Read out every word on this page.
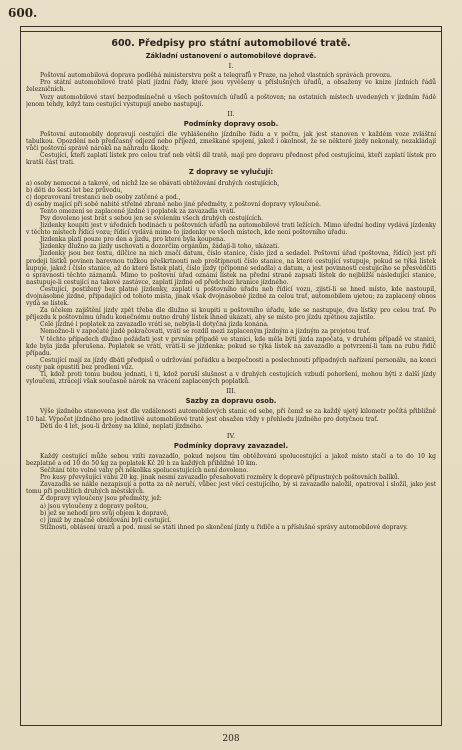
600.
600. Předpisy pro státní automobilové tratě.
Základní ustanovení o automobilové dopravě.
I.

Poštovní automobilová doprava podléhá ministerstvu pošt a telegrafů v Praze, na jehož vlastních správách provozu.

Pro státní automobilové tratě platí jízdní řády, které jsou vyvěšeny u příslušných úřadů, a obsaženy ve knize jízdních řádů železničních.

Vozy automobilové staví bezpodmínečně u všech poštovních úřadů a poštoven; na ostatních místech uvedených v jízdním řádě jenom tehdy, když tam cestující vystupují anebo nastupují.

II.
Podmínky dopravy osob.

Poštovní automobily dopravují cestující dle vyhlášeného jízdního řádu a v počtu, jak jest stanoven v každém voze zvláštní tabulkou. Opozdění neb předčasný odjezd nebo příjezd, zmeškané spojení, jakož i okolnost, že se některé jízdy nekonaly, nezakládají vůči poštovní správě nároků na náhradu škody.

Cestující, kteří zaplatí lístek pro celou trať neb větší díl tratě, mají pro dopravu přednost před cestujícími, kteří zaplatí lístek pro kratší část trati.

Z dopravy se vylučují:

a) osoby nemocné a takové, od nichž lze se obávati obtěžování druhých cestujících,

b) děti do šesti let bez průvodu,

c) dopravovaní trestanci neb osoby zatčené a pod.,

d) osoby mající při sobě nabité střelné zbraně nebo jiné předměty, z poštovní dopravy vyloučené.

Tento omezení se zaplacené jízdné i poplatek za zavazadla vrátí.

Psy dovoleno jest brát s sebou jen se svolením všech druhých cestujících.

Jízdenky koupiti jest v úředních hodinách u poštovních úřadů na automobilové trati ležících. Mimo úřední hodiny vydává jízdenky v těchto místech řídící vozu; řídící vydává mimo to jízdenky ve všech místech, kde není poštovního úřadu.

Jízdenka platí pouze pro den a jízdu, pro které byla koupena.

Jízdenky dlužno za jízdy uschovati a dozorčím orgánům, žádají-li toho, ukázati.

Jízdenky jsou bez textu, dílčice na nich značí datum, číslo stanice, číslo jízd a sedadel. Poštovní úřad (poštovna, řídící) jest při prodeji lístků povinen barevnou tužkou přeškrtnouti neb proštípnouti číslo stanice, na které cestující vstupuje, pokud se týká lístek kupuje, jakož i číslo stanice, až do které lístek platí, číslo jízdy (příponné sedadla) a datum, a jest povinnosti cestujícího se přesvědčiti o správnosti těchto záznamů. Mimo to poštovní úřad oznámí lístek na přední straně zapsati lístek do nejbližší následující stanice, nastupuje-li cestující na takové zastávce, zaplatí jízdné od předchozí hranice jízdného.

Cestující, postižený bez platné jízdenky, zaplatí u poštovního úřadu neb řídící vozu, zjistí-li se hned místo, kde nastoupil, dvojnásobné jízdné, připadající od tohoto místa, jinak však dvojnásobné jízdné za celou trať, automobilem ujetou; za zaplacený obnos vydá se lístek.

Za účelem zajištění jízdy zpět třeba dle dlužno si koupiti u poštovního úřadu, kde se nastupuje, dva lístky pro celou trať. Po příjezdu k poštovnímu úřadu konečnému nutno druhý lístek ihned ukázati, aby se místo pro jízdu zpětnou zajistilo.

Celé jízdné i poplatek za zavazadlo vrátí se, nebyla-li dotyčná jízda konána.

Nemožno-li v započaté jízdě pokračovati, vrátí se rozdíl mezi zaplaceným jízdným a jízdným za projetou trať.

V těchto případech dlužno požádati jest v prvním případě ve stanici, kde měla býti jízda započata, v druhém případě ve stanici, kde byla jízda přerušena. Poplatek se vrátí, vrátí-li se jízdenka; pokud se týká lístek na zavazadlo a potvrzení-li tam na rubu řidič případu.

Cestující mají za jízdy dbáti předpisů o udržování pořádku a bezpečnosti a poslechnouti případných nařízení personálu, na konci cesty pak opustiti bez prodlení vůz.

Ti, kdož proti tomu budou jednati, i ti, kdož poruší slušnost a v druhých cestujících vzbudí pohoršení, mohou býti z další jízdy vyloučeni, ztrácejí však současně nárok na vrácení zaplacených poplatků.

III.
Sazby za dopravu osob.

Výše jízdného stanovena jest dle vzdálenosti automobilových stanic od sebe, při čemž se za každý ujetý kilometr počítá přibližně 10 hal. Výpočet jízdného pro jednotlivé automobilové tratě jest obsažen vždy v přehledu jízdného pro dotyčnou trať.

Děti do 4 let, jsou-li drženy na klíně, neplatí jízdného.

IV.
Podmínky dopravy zavazadel.

Každý cestující může sebou vzíti zavazadlo, pokud nejsou tím obtěžováni spolucestující a jakož místo stačí a to do 10 kg bezplatně a od 10 do 50 kg za poplatek Kč 20 h za každých přibližně 10 km.

Sečítání této volné váhy při několika spolucestujících není dovoleno.

Pro kusy převyšující váhu 20 kg. jinak nesmí zavazadlo přesahovati rozměry k dopravě přípustných poštovních balíků.

Zavazadla se nákle nezapisují a potta za ně neručí, vůbec jest věcí cestujícího, by si zavazadlo naložil, opatroval i složil, jako jest tomu při použitích druhých městských.

Z dopravy vyloučeny jsou předměty, jež:

a) jsou vyloučeny z dopravy poštou,

b) jež se nehodí pro svůj objem k dopravě,

c) jimiž by značně obtěžováni byli cestující.

Stížnosti, oblásení úrazů a pod. musí se státi ihned po skončení jízdy u řidiče a u příslušné správy automobilové dopravy.

208
